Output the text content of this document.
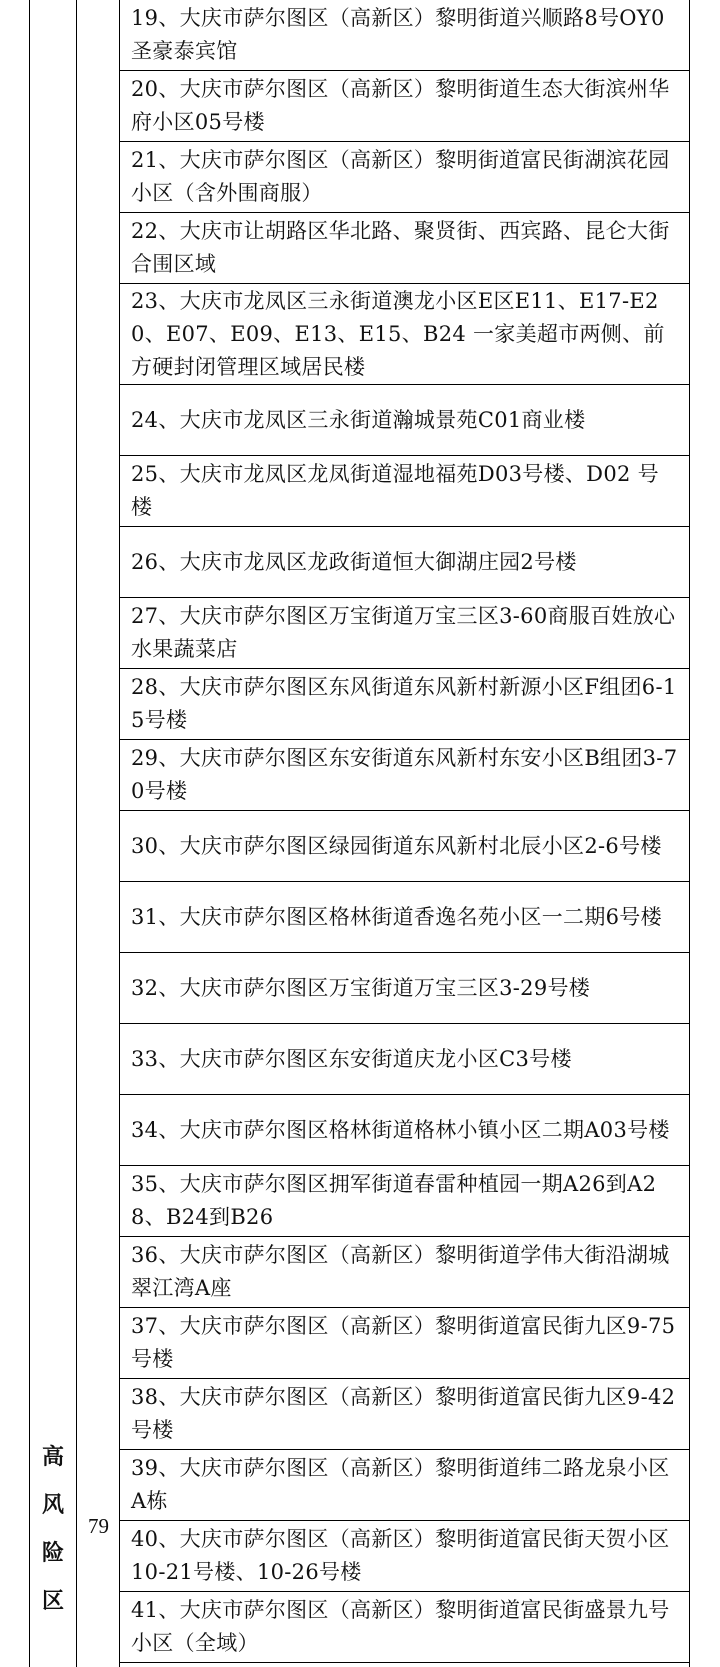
高
风
险
区
79
19、大庆市萨尔图区（高新区）黎明街道兴顺路8号OY0圣豪泰宾馆
20、大庆市萨尔图区（高新区）黎明街道生态大街滨州华府小区05号楼
21、大庆市萨尔图区（高新区）黎明街道富民街湖滨花园小区（含外围商服）
22、大庆市让胡路区华北路、聚贤街、西宾路、昆仑大街合围区域
23、大庆市龙凤区三永街道澳龙小区E区E11、E17-E20、E07、E09、E13、E15、B24 一家美超市两侧、前方硬封闭管理区域居民楼
24、大庆市龙凤区三永街道瀚城景苑C01商业楼
25、大庆市龙凤区龙凤街道湿地福苑D03号楼、D02 号楼
26、大庆市龙凤区龙政街道恒大御湖庄园2号楼
27、大庆市萨尔图区万宝街道万宝三区3-60商服百姓放心水果蔬菜店
28、大庆市萨尔图区东风街道东风新村新源小区F组团6-15号楼
29、大庆市萨尔图区东安街道东风新村东安小区B组团3-70号楼
30、大庆市萨尔图区绿园街道东风新村北辰小区2-6号楼
31、大庆市萨尔图区格林街道香逸名苑小区一二期6号楼
32、大庆市萨尔图区万宝街道万宝三区3-29号楼
33、大庆市萨尔图区东安街道庆龙小区C3号楼
34、大庆市萨尔图区格林街道格林小镇小区二期A03号楼
35、大庆市萨尔图区拥军街道春雷种植园一期A26到A28、B24到B26
36、大庆市萨尔图区（高新区）黎明街道学伟大街沿湖城翠江湾A座
37、大庆市萨尔图区（高新区）黎明街道富民街九区9-75号楼
38、大庆市萨尔图区（高新区）黎明街道富民街九区9-42号楼
39、大庆市萨尔图区（高新区）黎明街道纬二路龙泉小区A栋
40、大庆市萨尔图区（高新区）黎明街道富民街天贺小区10-21号楼、10-26号楼
41、大庆市萨尔图区（高新区）黎明街道富民街盛景九号小区（全域）
